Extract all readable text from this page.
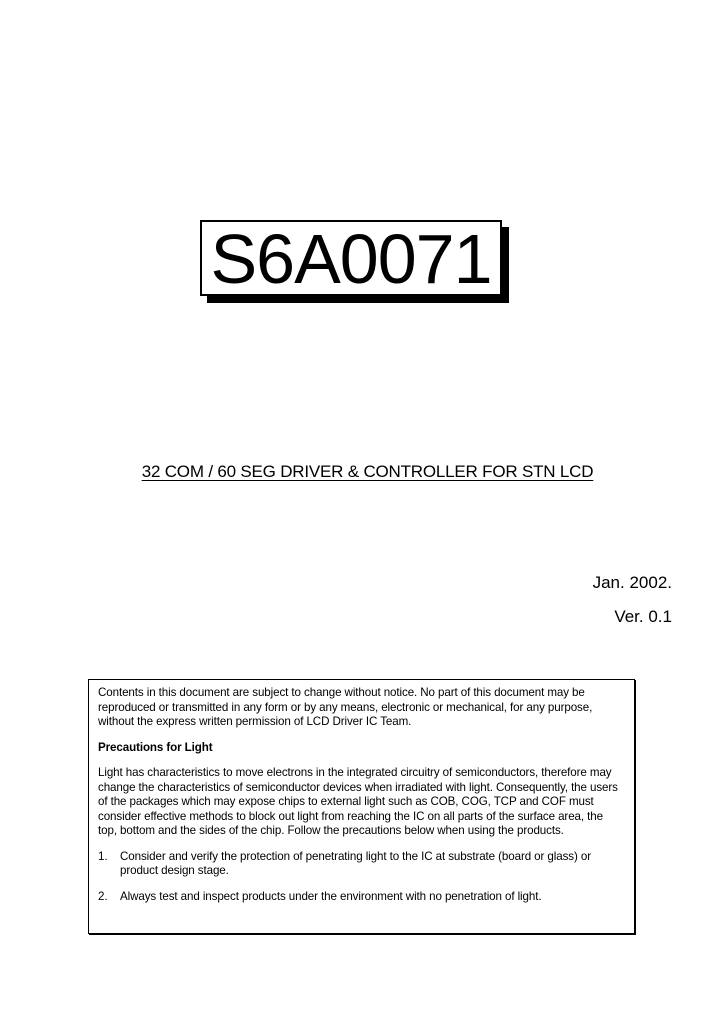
S6A0071
32 COM / 60 SEG DRIVER & CONTROLLER FOR STN LCD
Jan. 2002.
Ver. 0.1

Contents in this document are subject to change without notice. No part of this document may be reproduced or transmitted in any form or by any means, electronic or mechanical, for any purpose, without the express written permission of LCD Driver IC Team.

Precautions for Light

Light has characteristics to move electrons in the integrated circuitry of semiconductors, therefore may change the characteristics of semiconductor devices when irradiated with light. Consequently, the users of the packages which may expose chips to external light such as COB, COG, TCP and COF must consider effective methods to block out light from reaching the IC on all parts of the surface area, the top, bottom and the sides of the chip. Follow the precautions below when using the products.

1.	Consider and verify the protection of penetrating light to the IC at substrate (board or glass) or product design stage.
2.	Always test and inspect products under the environment with no penetration of light.
